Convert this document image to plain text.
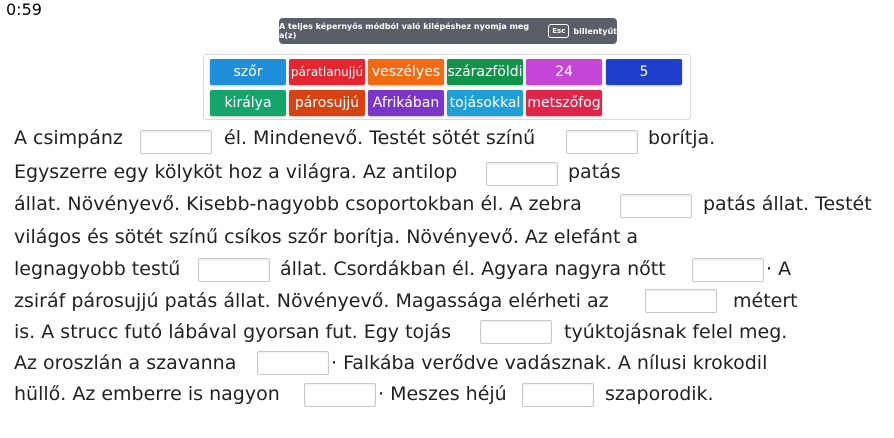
0:59
A teljes képernyős módból való kilépéshez nyomja meg a(z)	Esc	billentyűt
szőr	páratlanujjú veszélyes szárazföldi	24	5
királya	párosujjú Afrikában tojásokkal metszőfog
A csimpánz	él. Mindenevő. Testét sötét színű	borítja.
Egyszerre egy kölyköt hoz a világra. Az antilop	patás
állat. Növényevő. Kisebb-nagyobb csoportokban él. A zebra	patás állat. Testét
világos és sötét színű csíkos szőr borítja. Növényevő. Az elefánt a
legnagyobb testű	állat. Csordákban él. Agyara nagyra nőtt	· A
zsiráf párosujjú patás állat. Növényevő. Magassága elérheti az	métert
is. A strucc futó lábával gyorsan fut. Egy tojás	tyúktojásnak felel meg.
Az oroszlán a szavanna	· Falkába verődve vadásznak. A nílusi krokodil
hüllő. Az emberre is nagyon	· Meszes héjú	szaporodik.
